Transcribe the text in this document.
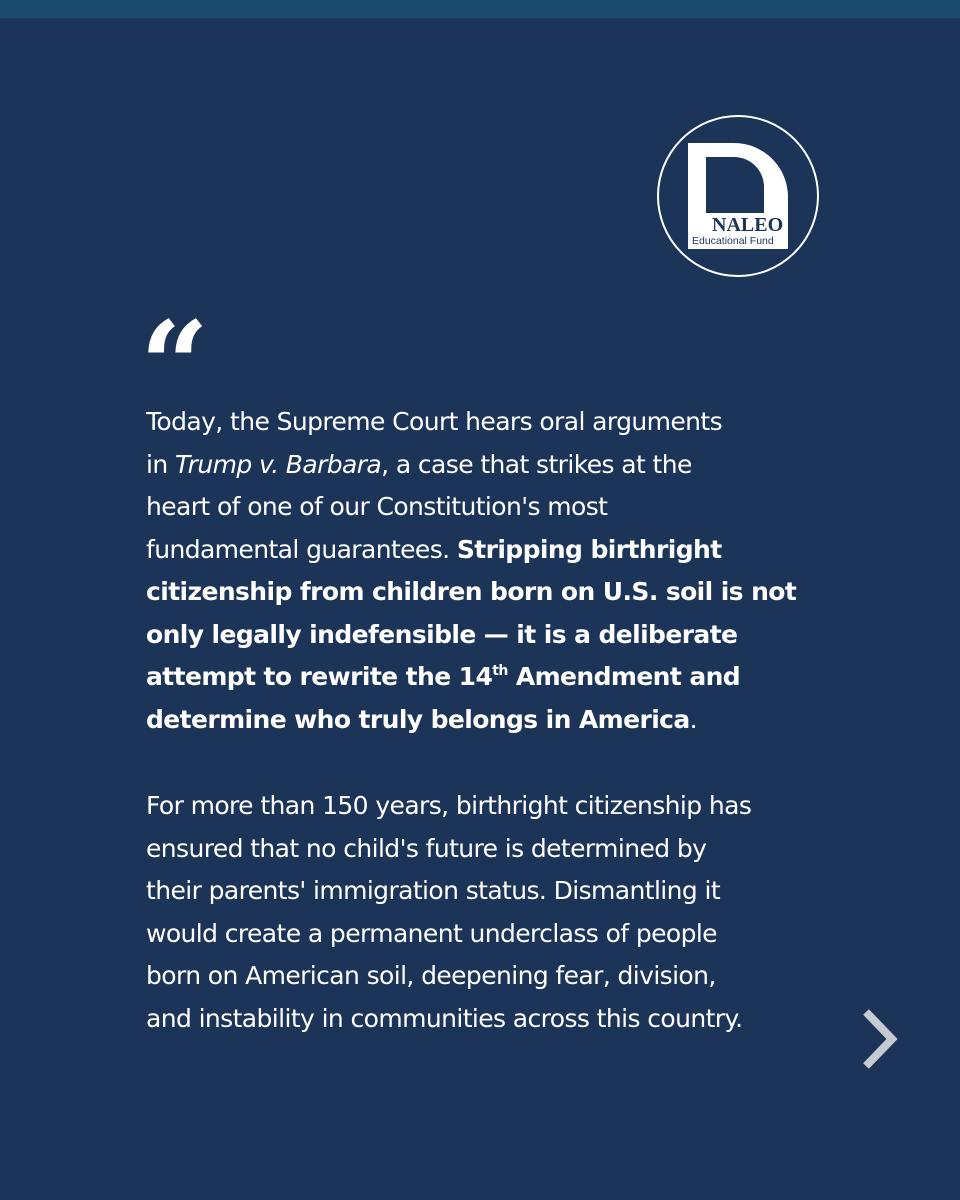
NALEO
Educational Fund
“
Today, the Supreme Court hears oral arguments
in Trump v. Barbara, a case that strikes at the
heart of one of our Constitution's most
fundamental guarantees. Stripping birthright
citizenship from children born on U.S. soil is not
only legally indefensible — it is a deliberate
attempt to rewrite the 14th Amendment and
determine who truly belongs in America.
For more than 150 years, birthright citizenship has
ensured that no child's future is determined by
their parents' immigration status. Dismantling it
would create a permanent underclass of people
born on American soil, deepening fear, division,
and instability in communities across this country.
